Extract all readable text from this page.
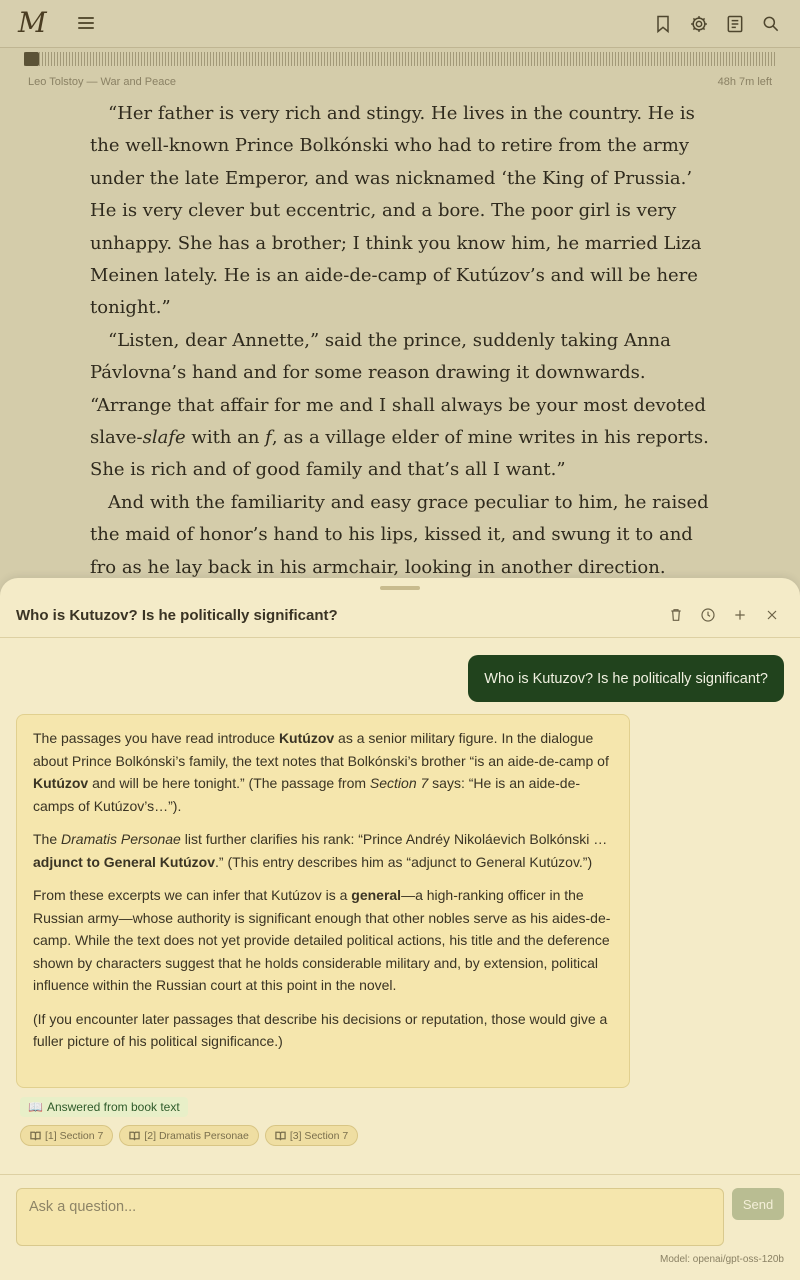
M
Leo Tolstoy — War and Peace	48h 7m left

“Her father is very rich and stingy. He lives in the country. He is the well-known Prince Bolkónski who had to retire from the army under the late Emperor, and was nicknamed ‘the King of Prussia.’ He is very clever but eccentric, and a bore. The poor girl is very unhappy. She has a brother; I think you know him, he married Liza Meinen lately. He is an aide-de-camp of Kutúzov’s and will be here tonight.”

“Listen, dear Annette,” said the prince, suddenly taking Anna Pávlovna’s hand and for some reason drawing it downwards. “Arrange that affair for me and I shall always be your most devoted slave-slafe with an f, as a village elder of mine writes in his reports. She is rich and of good family and that’s all I want.”

And with the familiarity and easy grace peculiar to him, he raised the maid of honor’s hand to his lips, kissed it, and swung it to and fro as he lay back in his armchair, looking in another direction.

Who is Kutuzov? Is he politically significant?
Who is Kutuzov? Is he politically significant?

The passages you have read introduce Kutúzov as a senior military figure. In the dialogue about Prince Bolkónski’s family, the text notes that Bolkónski’s brother “is an aide-de-camp of Kutúzov and will be here tonight.” (The passage from Section 7 says: “He is an aide-de-camps of Kutúzov’s…”).

The Dramatis Personae list further clarifies his rank: “Prince Andréy Nikoláevich Bolkónski … adjunct to General Kutúzov.” (This entry describes him as “adjunct to General Kutúzov.”)

From these excerpts we can infer that Kutúzov is a general—a high-ranking officer in the Russian army—whose authority is significant enough that other nobles serve as his aides-de-camp. While the text does not yet provide detailed political actions, his title and the deference shown by characters suggest that he holds considerable military and, by extension, political influence within the Russian court at this point in the novel.

(If you encounter later passages that describe his decisions or reputation, those would give a fuller picture of his political significance.)

📖 Answered from book text
[1] Section 7	[2] Dramatis Personae	[3] Section 7
Ask a question...
Send
Model: openai/gpt-oss-120b
